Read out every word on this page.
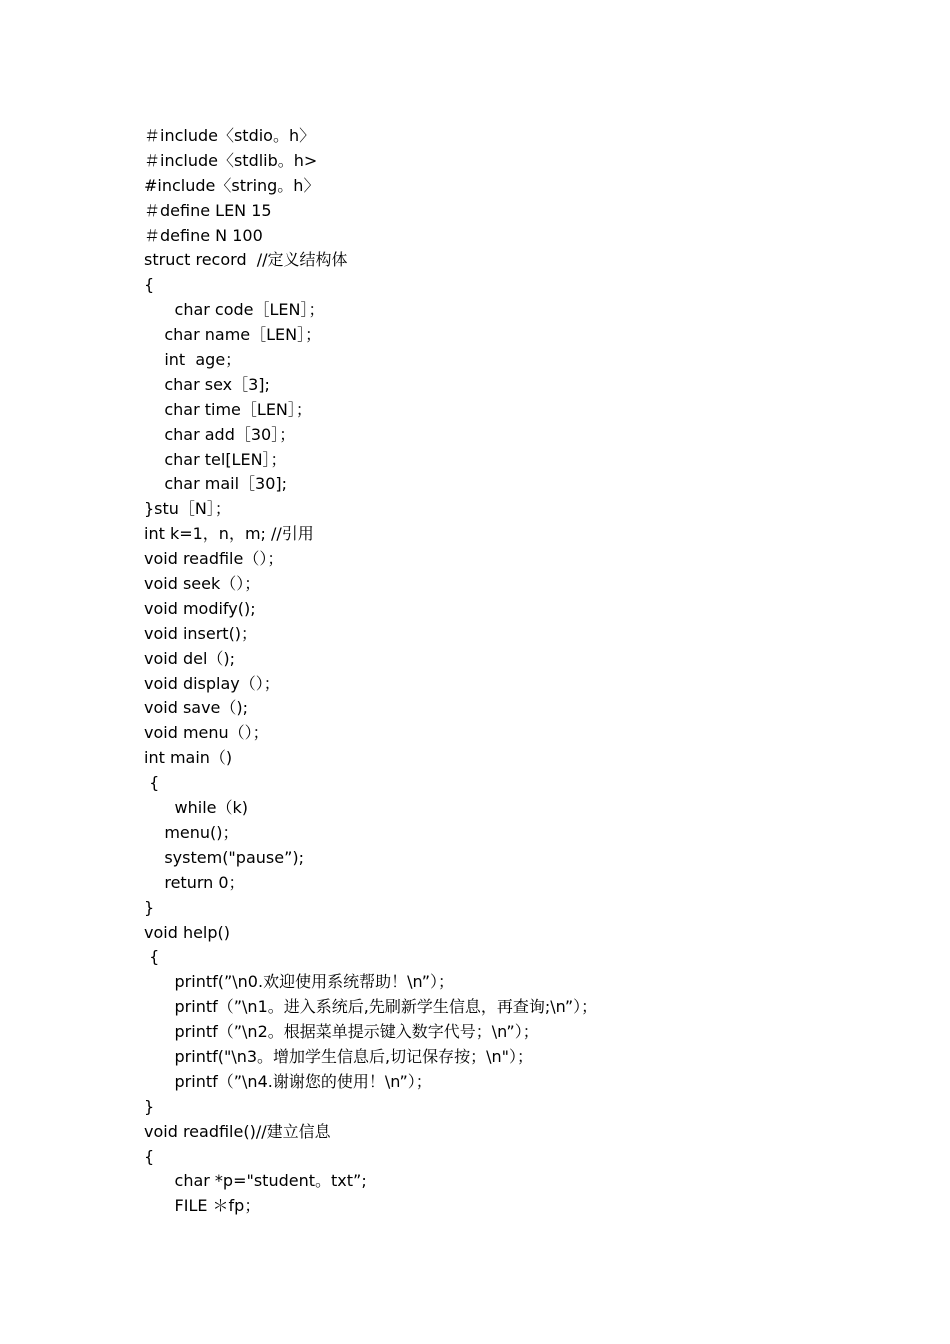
＃include〈stdio。h〉
＃include〈stdlib。h>
#include〈string。h〉
＃define LEN 15
＃define N 100
struct record  //定义结构体
{
char code［LEN］；
char name［LEN］；
int  age；
char sex［3];
char time［LEN］；
char add［30］；
char tel[LEN］；
char mail［30];
}stu［N］；
int k=1，n，m; //引用
void readfile（）；
void seek（）；
void modify();
void insert()；
void del（);
void display（）；
void save（);
void menu（）；
int main（)
{
while（k)
menu()；
system("pause”);
return 0；
}
void help()
{
printf(”\n0.欢迎使用系统帮助！\n”）；
printf（”\n1。进入系统后,先刷新学生信息，再查询;\n”）；
printf（”\n2。根据菜单提示键入数字代号；\n”）；
printf("\n3。增加学生信息后,切记保存按；\n"）；
printf（”\n4.谢谢您的使用！\n”）；
}
void readfile()//建立信息
{
char *p="student。txt”;
FILE ＊fp；
